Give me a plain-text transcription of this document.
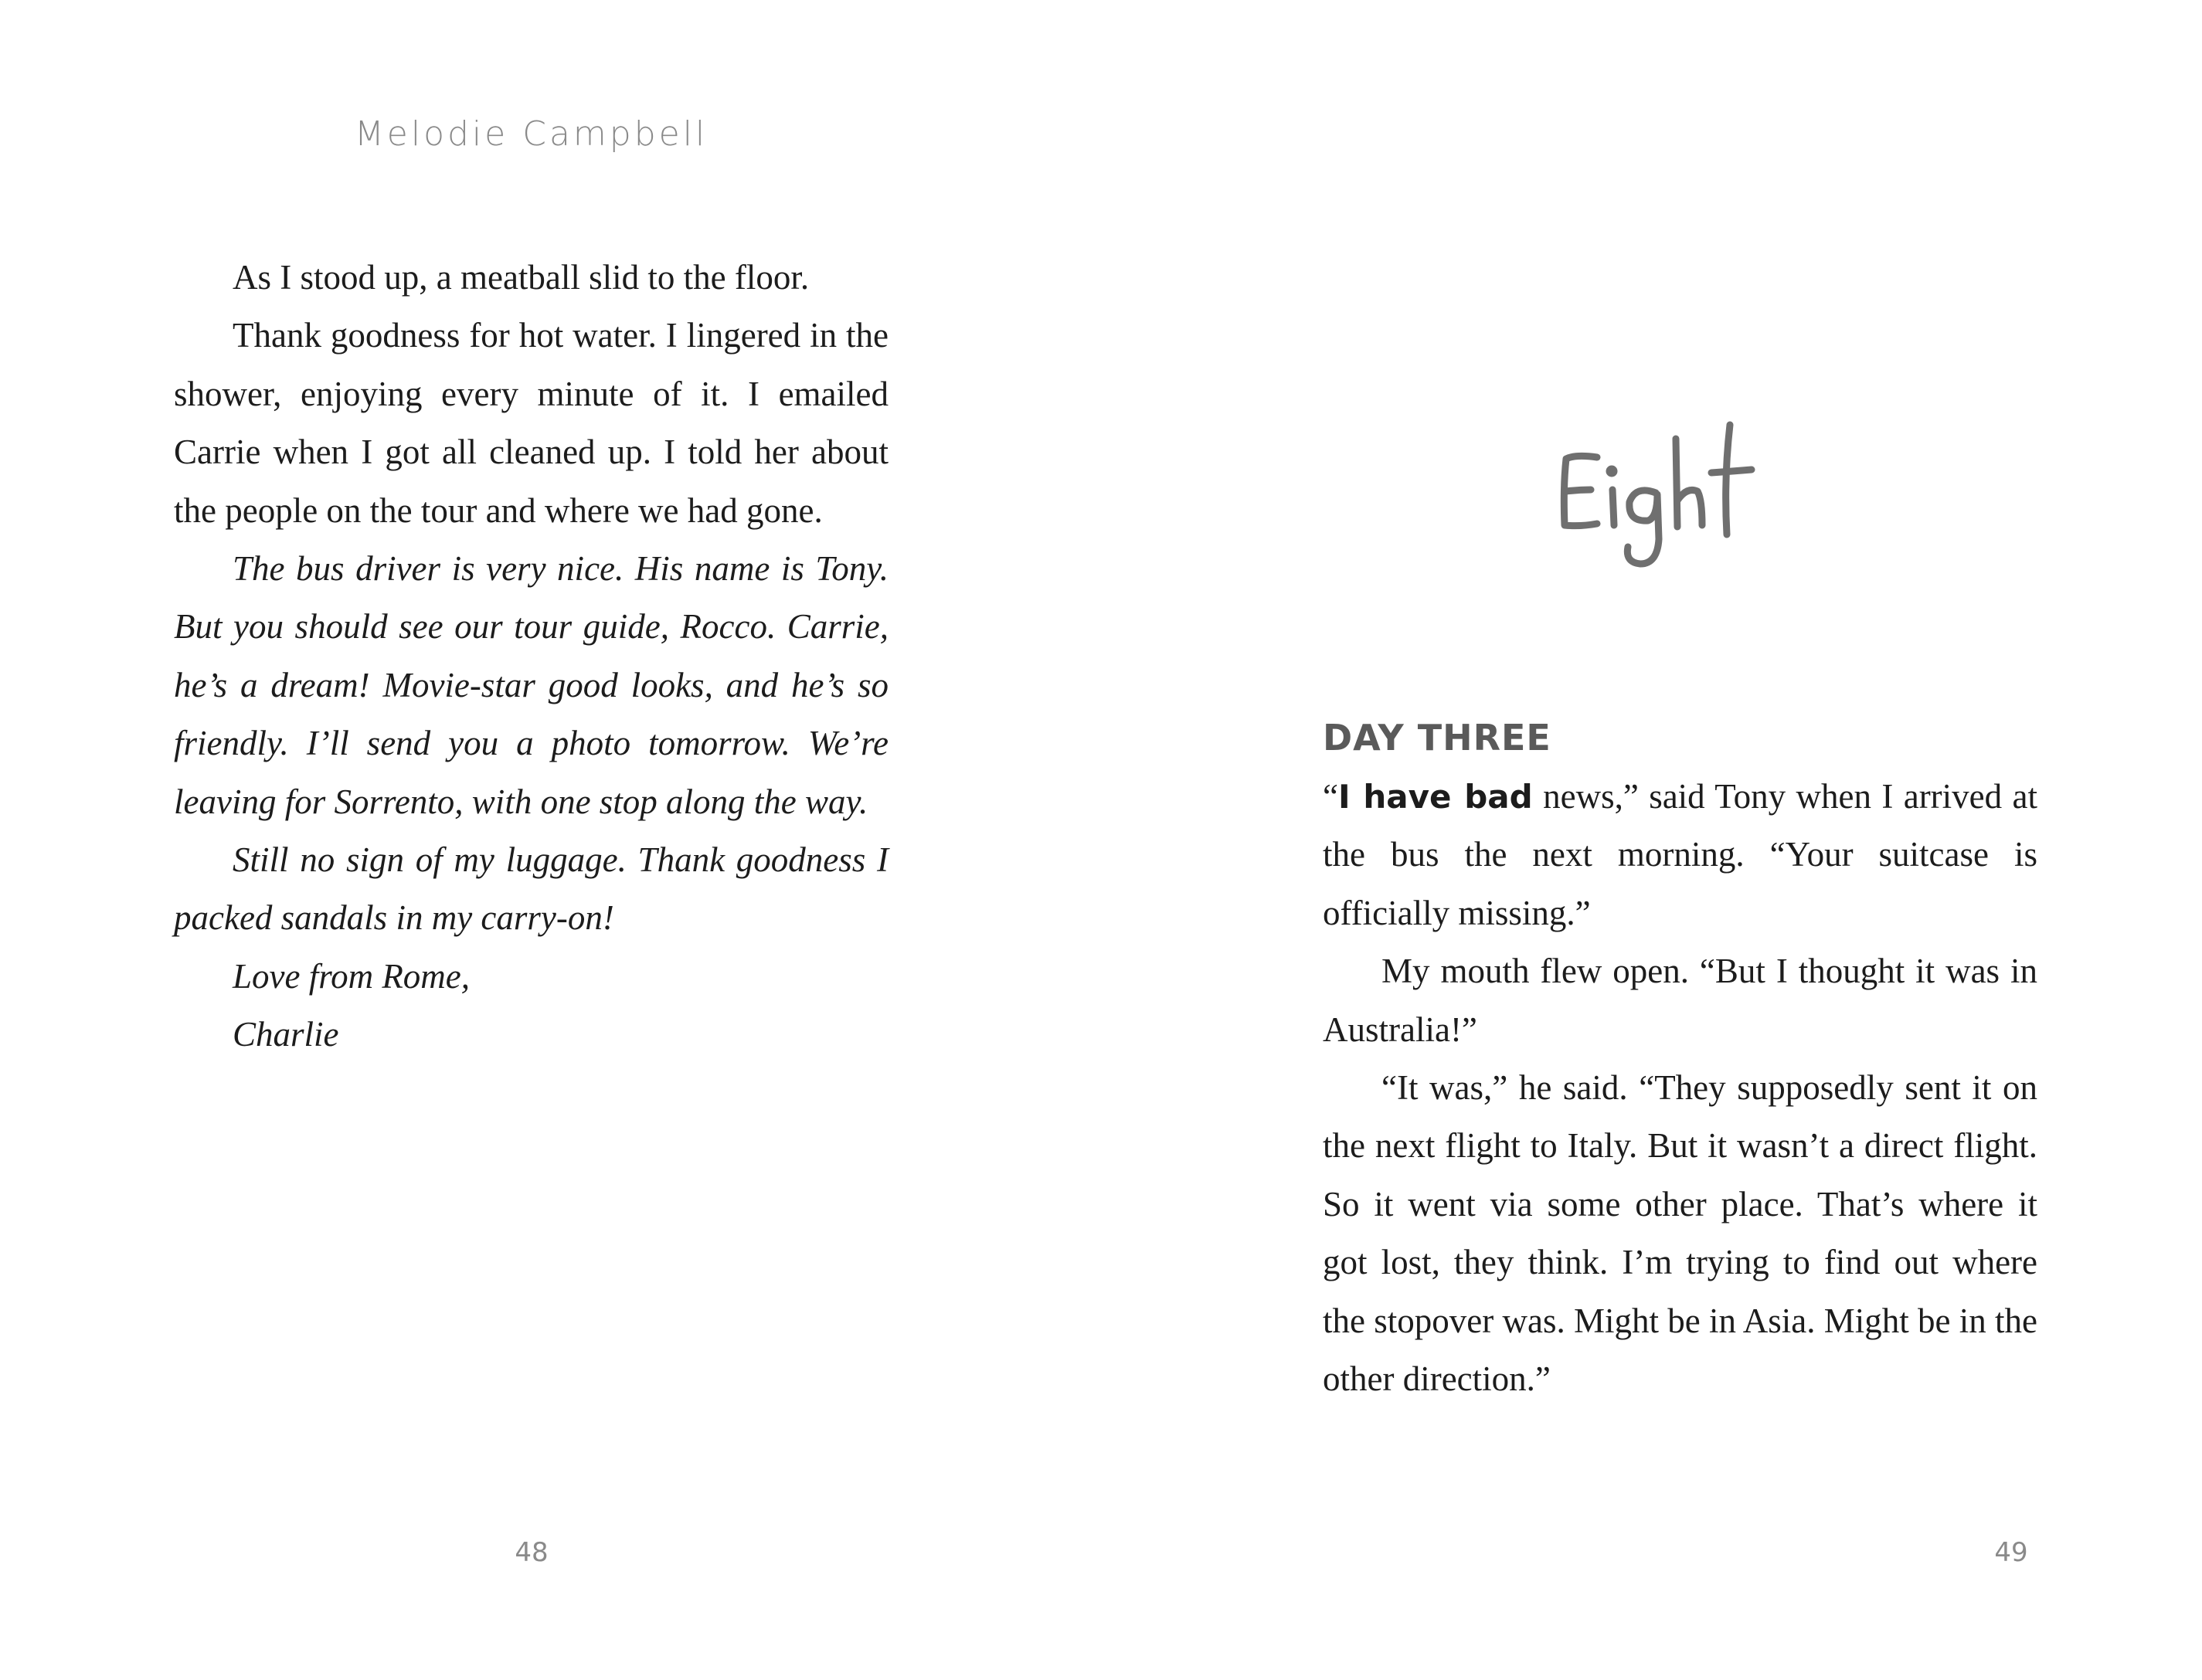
Melodie Campbell

As I stood up, a meatball slid to the floor.

Thank goodness for hot water. I lingered in the shower, enjoying every minute of it. I emailed Carrie when I got all cleaned up. I told her about the people on the tour and where we had gone.

The bus driver is very nice. His name is Tony. But you should see our tour guide, Rocco. Carrie, he’s a dream! Movie-star good looks, and he’s so friendly. I’ll send you a photo tomorrow. We’re leaving for Sorrento, with one stop along the way.

Still no sign of my luggage. Thank goodness I packed sandals in my carry-on!

Love from Rome,

Charlie

48
DAY THREE

“I have bad news,” said Tony when I arrived at the bus the next morning. “Your suitcase is officially missing.”

My mouth flew open. “But I thought it was in Australia!”

“It was,” he said. “They supposedly sent it on the next flight to Italy. But it wasn’t a direct flight. So it went via some other place. That’s where it got lost, they think. I’m trying to find out where the stopover was. Might be in Asia. Might be in the other direction.”

49
